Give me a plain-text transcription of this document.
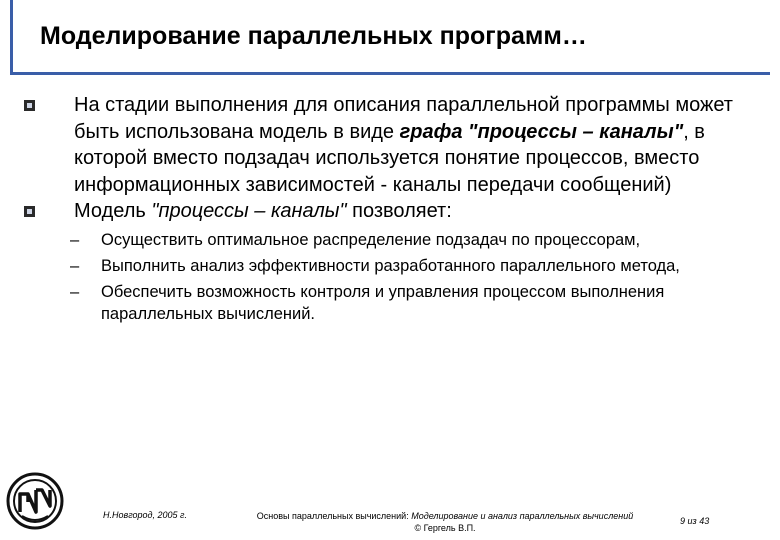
Моделирование параллельных программ…
На стадии выполнения для описания параллельной программы может быть использована модель в виде графа "процессы – каналы", в которой вместо подзадач используется понятие процессов, вместо информационных зависимостей - каналы передачи сообщений)
Модель "процессы – каналы" позволяет:
– Осуществить оптимальное распределение подзадач по процессорам,
– Выполнить анализ эффективности разработанного параллельного метода,
– Обеспечить возможность контроля и управления процессом выполнения параллельных вычислений.
Н.Новгород, 2005 г.	Основы параллельных вычислений: Моделирование и анализ параллельных вычислений
© Гергель В.П.
9 из 43
